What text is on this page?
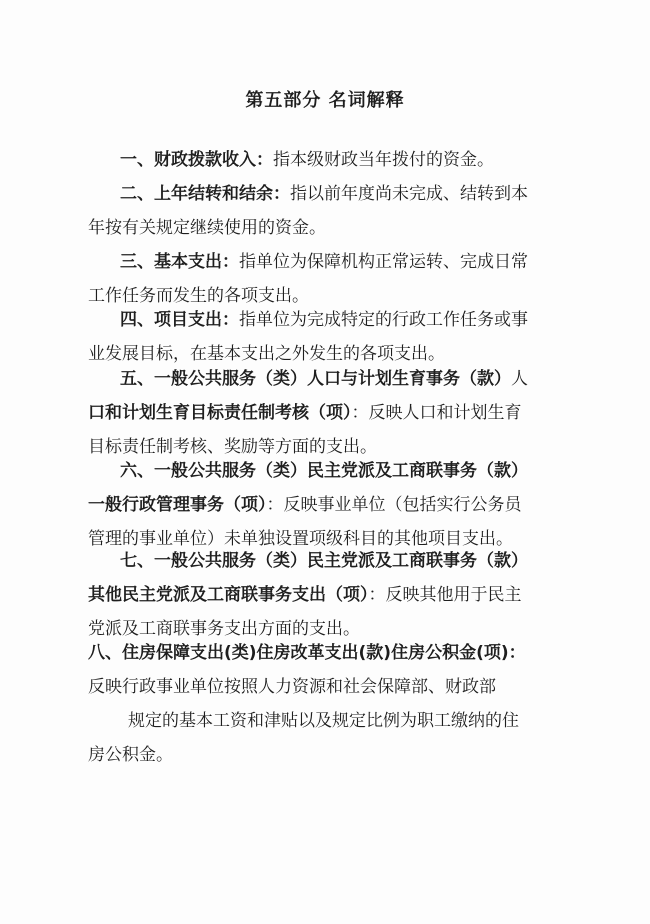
第五部分 名词解释
一、财政拨款收入：指本级财政当年拨付的资金。
二、上年结转和结余：指以前年度尚未完成、结转到本
年按有关规定继续使用的资金。
三、基本支出：指单位为保障机构正常运转、完成日常
工作任务而发生的各项支出。
四、项目支出：指单位为完成特定的行政工作任务或事
业发展目标，在基本支出之外发生的各项支出。
五、一般公共服务（类）人口与计划生育事务（款）人
口和计划生育目标责任制考核（项）：反映人口和计划生育
目标责任制考核、奖励等方面的支出。
六、一般公共服务（类）民主党派及工商联事务（款）
一般行政管理事务（项）：反映事业单位（包括实行公务员
管理的事业单位）未单独设置项级科目的其他项目支出。
七、一般公共服务（类）民主党派及工商联事务（款）
其他民主党派及工商联事务支出（项）：反映其他用于民主
党派及工商联事务支出方面的支出。
八、住房保障支出(类)住房改革支出(款)住房公积金(项)：
反映行政事业单位按照人力资源和社会保障部、财政部
规定的基本工资和津贴以及规定比例为职工缴纳的住
房公积金。
